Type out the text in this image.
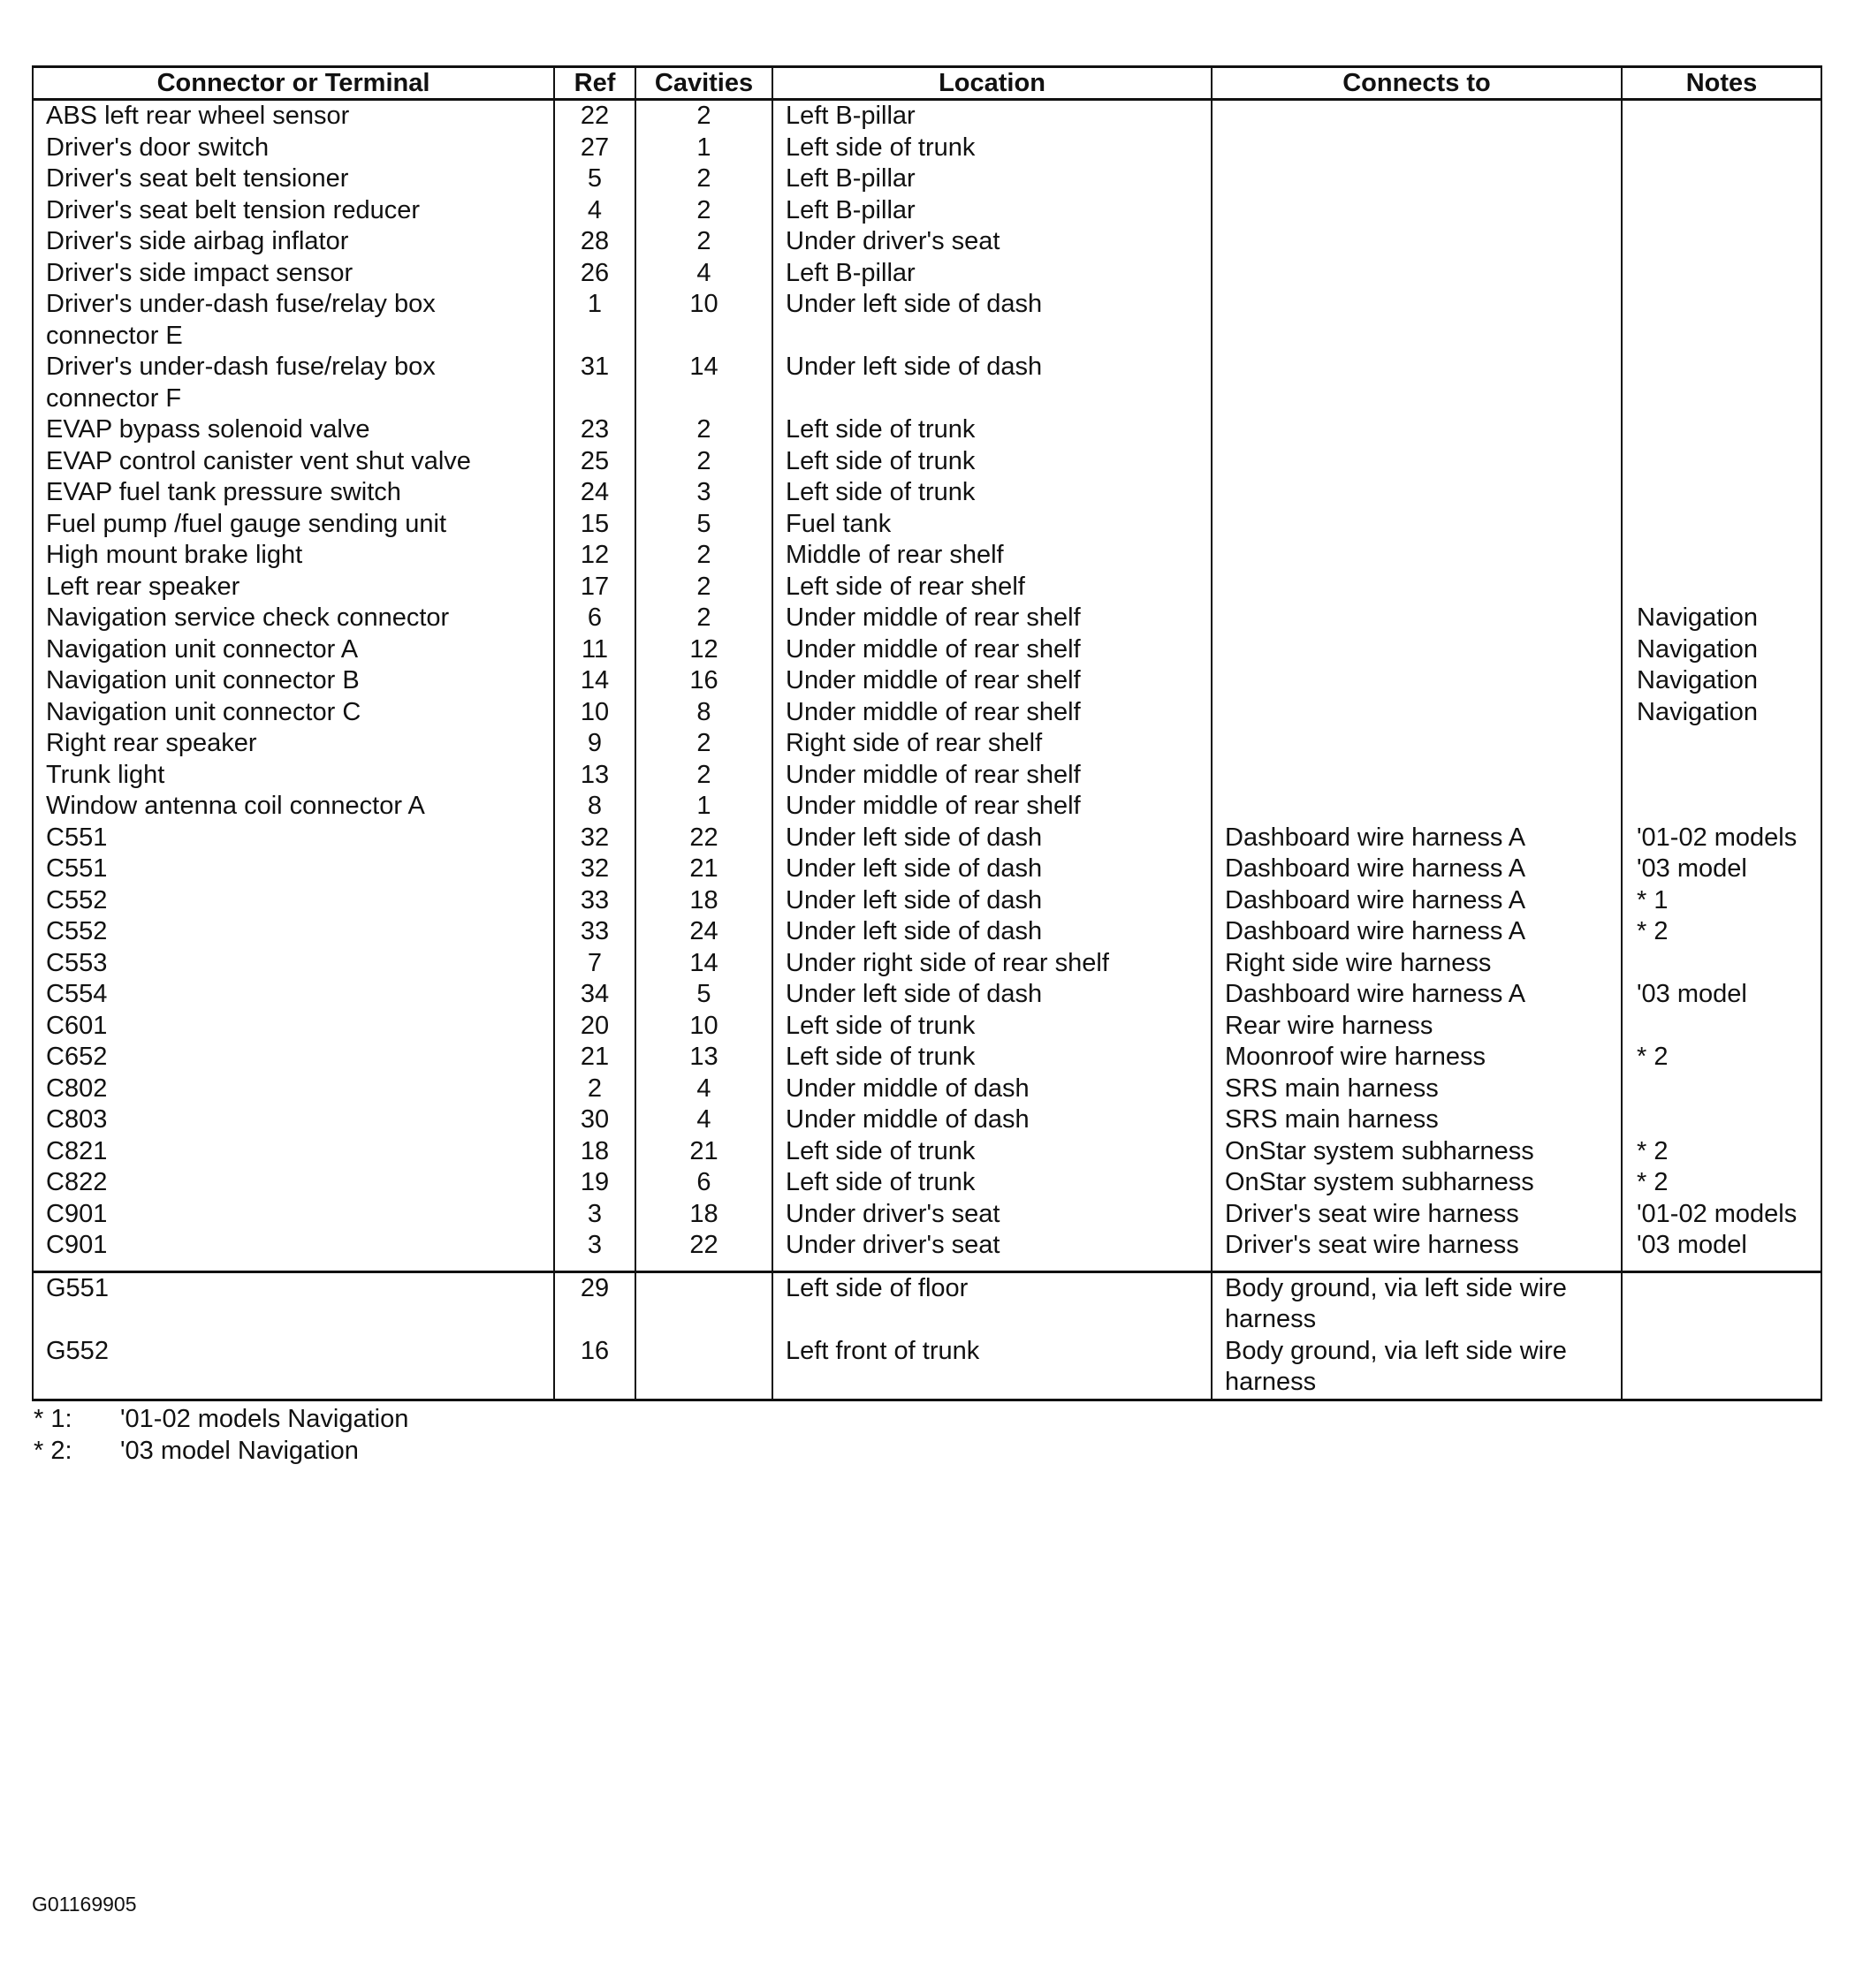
Connector or Terminal	Ref	Cavities	Location	Connects to	Notes
ABS left rear wheel sensor	22	2	Left B-pillar		
Driver's door switch	27	1	Left side of trunk		
Driver's seat belt tensioner	5	2	Left B-pillar		
Driver's seat belt tension reducer	4	2	Left B-pillar		
Driver's side airbag inflator	28	2	Under driver's seat		
Driver's side impact sensor	26	4	Left B-pillar		
Driver's under-dash fuse/relay box connector E	1	10	Under left side of dash		
Driver's under-dash fuse/relay box connector F	31	14	Under left side of dash		
EVAP bypass solenoid valve	23	2	Left side of trunk		
EVAP control canister vent shut valve	25	2	Left side of trunk		
EVAP fuel tank pressure switch	24	3	Left side of trunk		
Fuel pump /fuel gauge sending unit	15	5	Fuel tank		
High mount brake light	12	2	Middle of rear shelf		
Left rear speaker	17	2	Left side of rear shelf		
Navigation service check connector	6	2	Under middle of rear shelf		Navigation
Navigation unit connector A	11	12	Under middle of rear shelf		Navigation
Navigation unit connector B	14	16	Under middle of rear shelf		Navigation
Navigation unit connector C	10	8	Under middle of rear shelf		Navigation
Right rear speaker	9	2	Right side of rear shelf		
Trunk light	13	2	Under middle of rear shelf		
Window antenna coil connector A	8	1	Under middle of rear shelf		
C551	32	22	Under left side of dash	Dashboard wire harness A	'01-02 models
C551	32	21	Under left side of dash	Dashboard wire harness A	'03 model
C552	33	18	Under left side of dash	Dashboard wire harness A	* 1
C552	33	24	Under left side of dash	Dashboard wire harness A	* 2
C553	7	14	Under right side of rear shelf	Right side wire harness	
C554	34	5	Under left side of dash	Dashboard wire harness A	'03 model
C601	20	10	Left side of trunk	Rear wire harness	
C652	21	13	Left side of trunk	Moonroof wire harness	* 2
C802	2	4	Under middle of dash	SRS main harness	
C803	30	4	Under middle of dash	SRS main harness	
C821	18	21	Left side of trunk	OnStar system subharness	* 2
C822	19	6	Left side of trunk	OnStar system subharness	* 2
C901	3	18	Under driver's seat	Driver's seat wire harness	'01-02 models
C901	3	22	Under driver's seat	Driver's seat wire harness	'03 model
G551	29		Left side of floor	Body ground, via left side wire harness	
G552	16		Left front of trunk	Body ground, via left side wire harness	
* 1: '01-02 models Navigation
* 2: '03 model Navigation
G01169905
